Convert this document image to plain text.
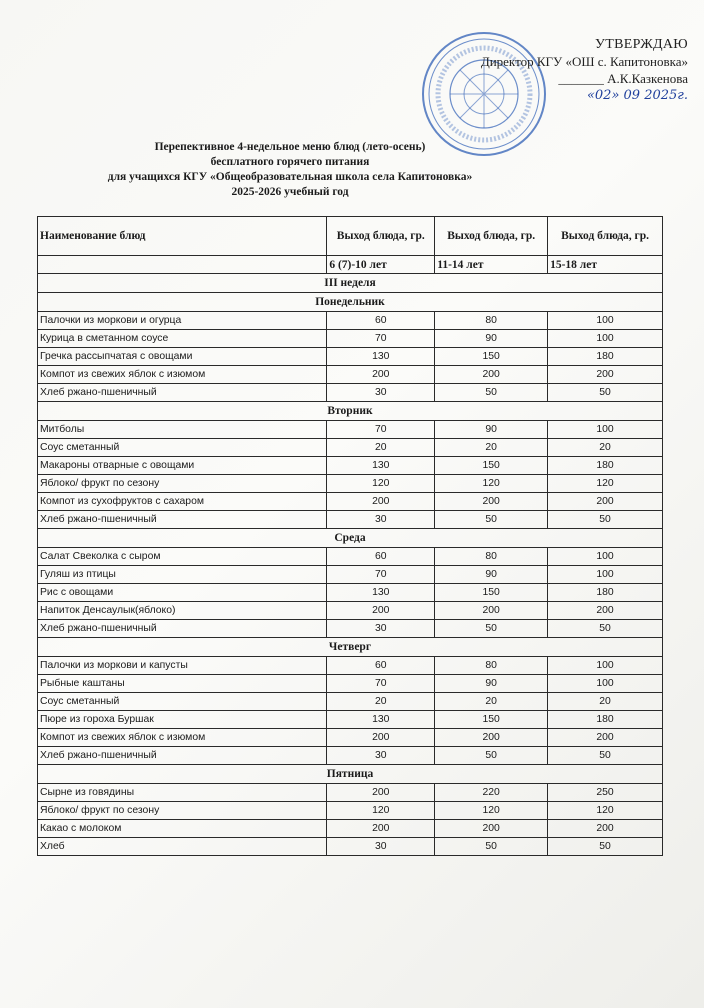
УТВЕРЖДАЮ
Директор КГУ «ОШ с. Капитоновка»
_______ А.К.Казкенова
«02» 09 2025г.
Перепективное 4-недельное меню блюд (лето-осень)
бесплатного горячего питания
для учащихся КГУ «Общеобразовательная школа села Капитоновка»
2025-2026 учебный год
Наименование блюд	Выход блюда, гр.	Выход блюда, гр.	Выход блюда, гр.
	6 (7)-10 лет	11-14 лет	15-18 лет
III неделя			
Понедельник			
Палочки из моркови и огурца	60	80	100
Курица в сметанном соусе	70	90	100
Гречка рассыпчатая с овощами	130	150	180
Компот из свежих яблок с изюмом	200	200	200
Хлеб ржано-пшеничный	30	50	50
Вторник			
Митболы	70	90	100
Соус сметанный	20	20	20
Макароны отварные с овощами	130	150	180
Яблоко/ фрукт по сезону	120	120	120
Компот из сухофруктов с сахаром	200	200	200
Хлеб ржано-пшеничный	30	50	50
Среда			
Салат Свеколка с сыром	60	80	100
Гуляш из птицы	70	90	100
Рис с овощами	130	150	180
Напиток Денсаулык(яблоко)	200	200	200
Хлеб ржано-пшеничный	30	50	50
Четверг			
Палочки из моркови и капусты	60	80	100
Рыбные каштаны	70	90	100
Соус сметанный	20	20	20
Пюре из гороха Буршак	130	150	180
Компот из свежих яблок с изюмом	200	200	200
Хлеб ржано-пшеничный	30	50	50
Пятница			
Сырне из говядины	200	220	250
Яблоко/ фрукт по сезону	120	120	120
Какао с молоком	200	200	200
Хлеб	30	50	50
